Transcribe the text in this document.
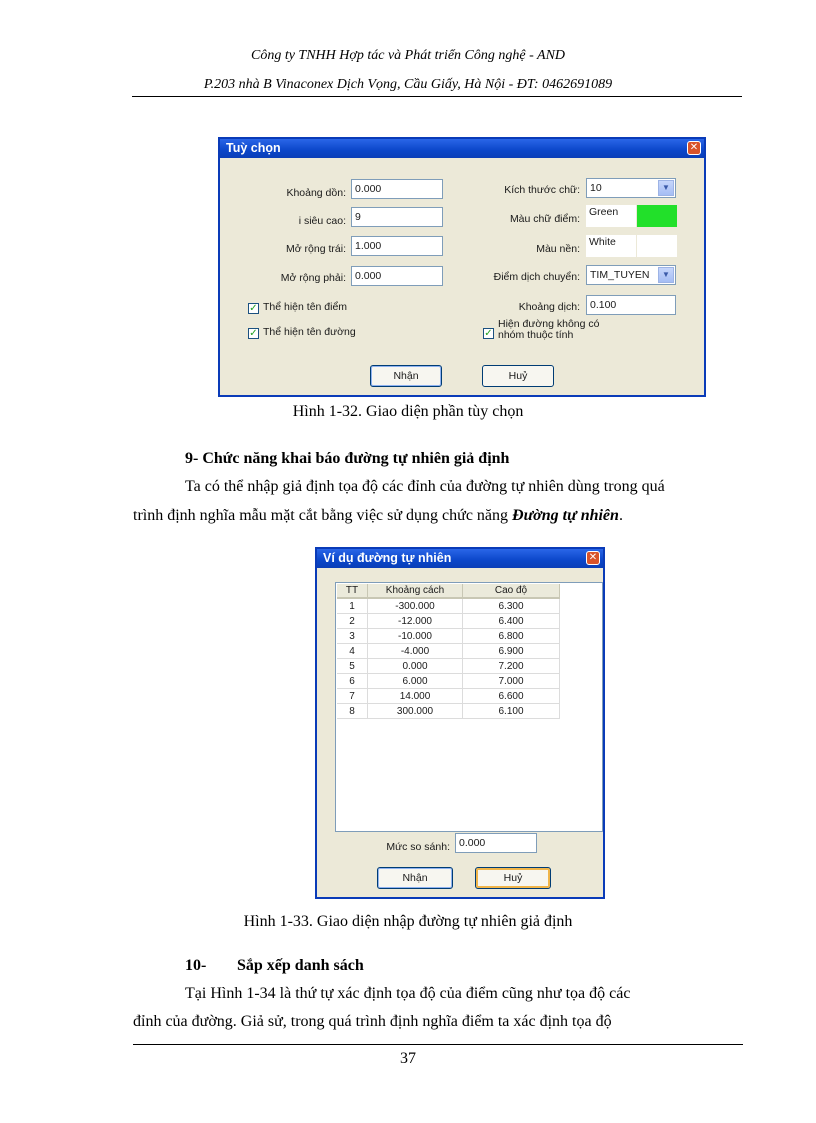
Công ty TNHH Hợp tác và Phát triển Công nghệ - AND
P.203 nhà B Vinaconex Dịch Vọng, Cầu Giấy, Hà Nội - ĐT: 0462691089
Tuỳ chọn	✕
Khoảng dồn: 0.000
i siêu cao: 9
Mở rộng trái: 1.000
Mở rộng phải: 0.000
Kích thước chữ: 10	▼
Màu chữ điểm:
Green
Màu nền:
White
Điểm dịch chuyển: TIM_TUYEN	▼
Khoảng dịch: 0.100
✓ Thể hiện tên điểm
✓ Thể hiện tên đường	✓
Hiện đường không có
nhóm thuộc tính
Nhận	Huỷ
Hình 1-32. Giao diện phần tùy chọn
9- Chức năng khai báo đường tự nhiên giả định
Ta có thể nhập giả định tọa độ các đỉnh của đường tự nhiên dùng trong quá
trình định nghĩa mẫu mặt cắt bằng việc sử dụng chức năng Đường tự nhiên.
Ví dụ đường tự nhiên	✕
TT	Khoảng cách	Cao độ
1	-300.000	6.300
2	-12.000	6.400
3	-10.000	6.800
4	-4.000	6.900
5	0.000	7.200
6	6.000	7.000
7	14.000	6.600
8	300.000	6.100
Mức so sánh: 0.000
Nhận	Huỷ
Hình 1-33. Giao diện nhập đường tự nhiên giả định
10- Sắp xếp danh sách
Tại Hình 1-34 là thứ tự xác định tọa độ của điểm cũng như tọa độ các
đỉnh của đường. Giả sử, trong quá trình định nghĩa điểm ta xác định tọa độ
37
